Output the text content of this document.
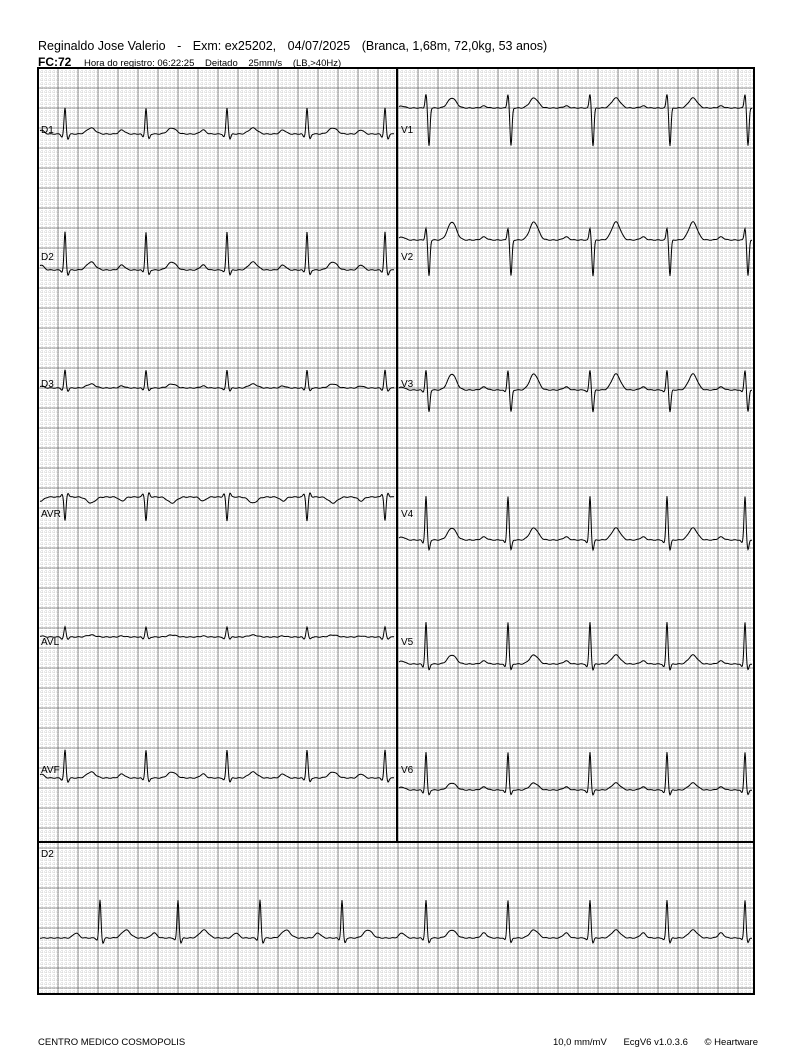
Reginaldo Jose Valerio - Exm: ex25202, 04/07/2025 (Branca, 1,68m, 72,0kg, 53 anos)
FC:72 Hora do registro: 06:22:25 Deitado 25mm/s (LB,>40Hz)
D1
D2
D3
AVR
AVL
AVF
V1
V2
V3
V4
V5
V6
D2
CENTRO MEDICO COSMOPOLIS	10,0 mm/mV EcgV6 v1.0.3.6 © Heartware
